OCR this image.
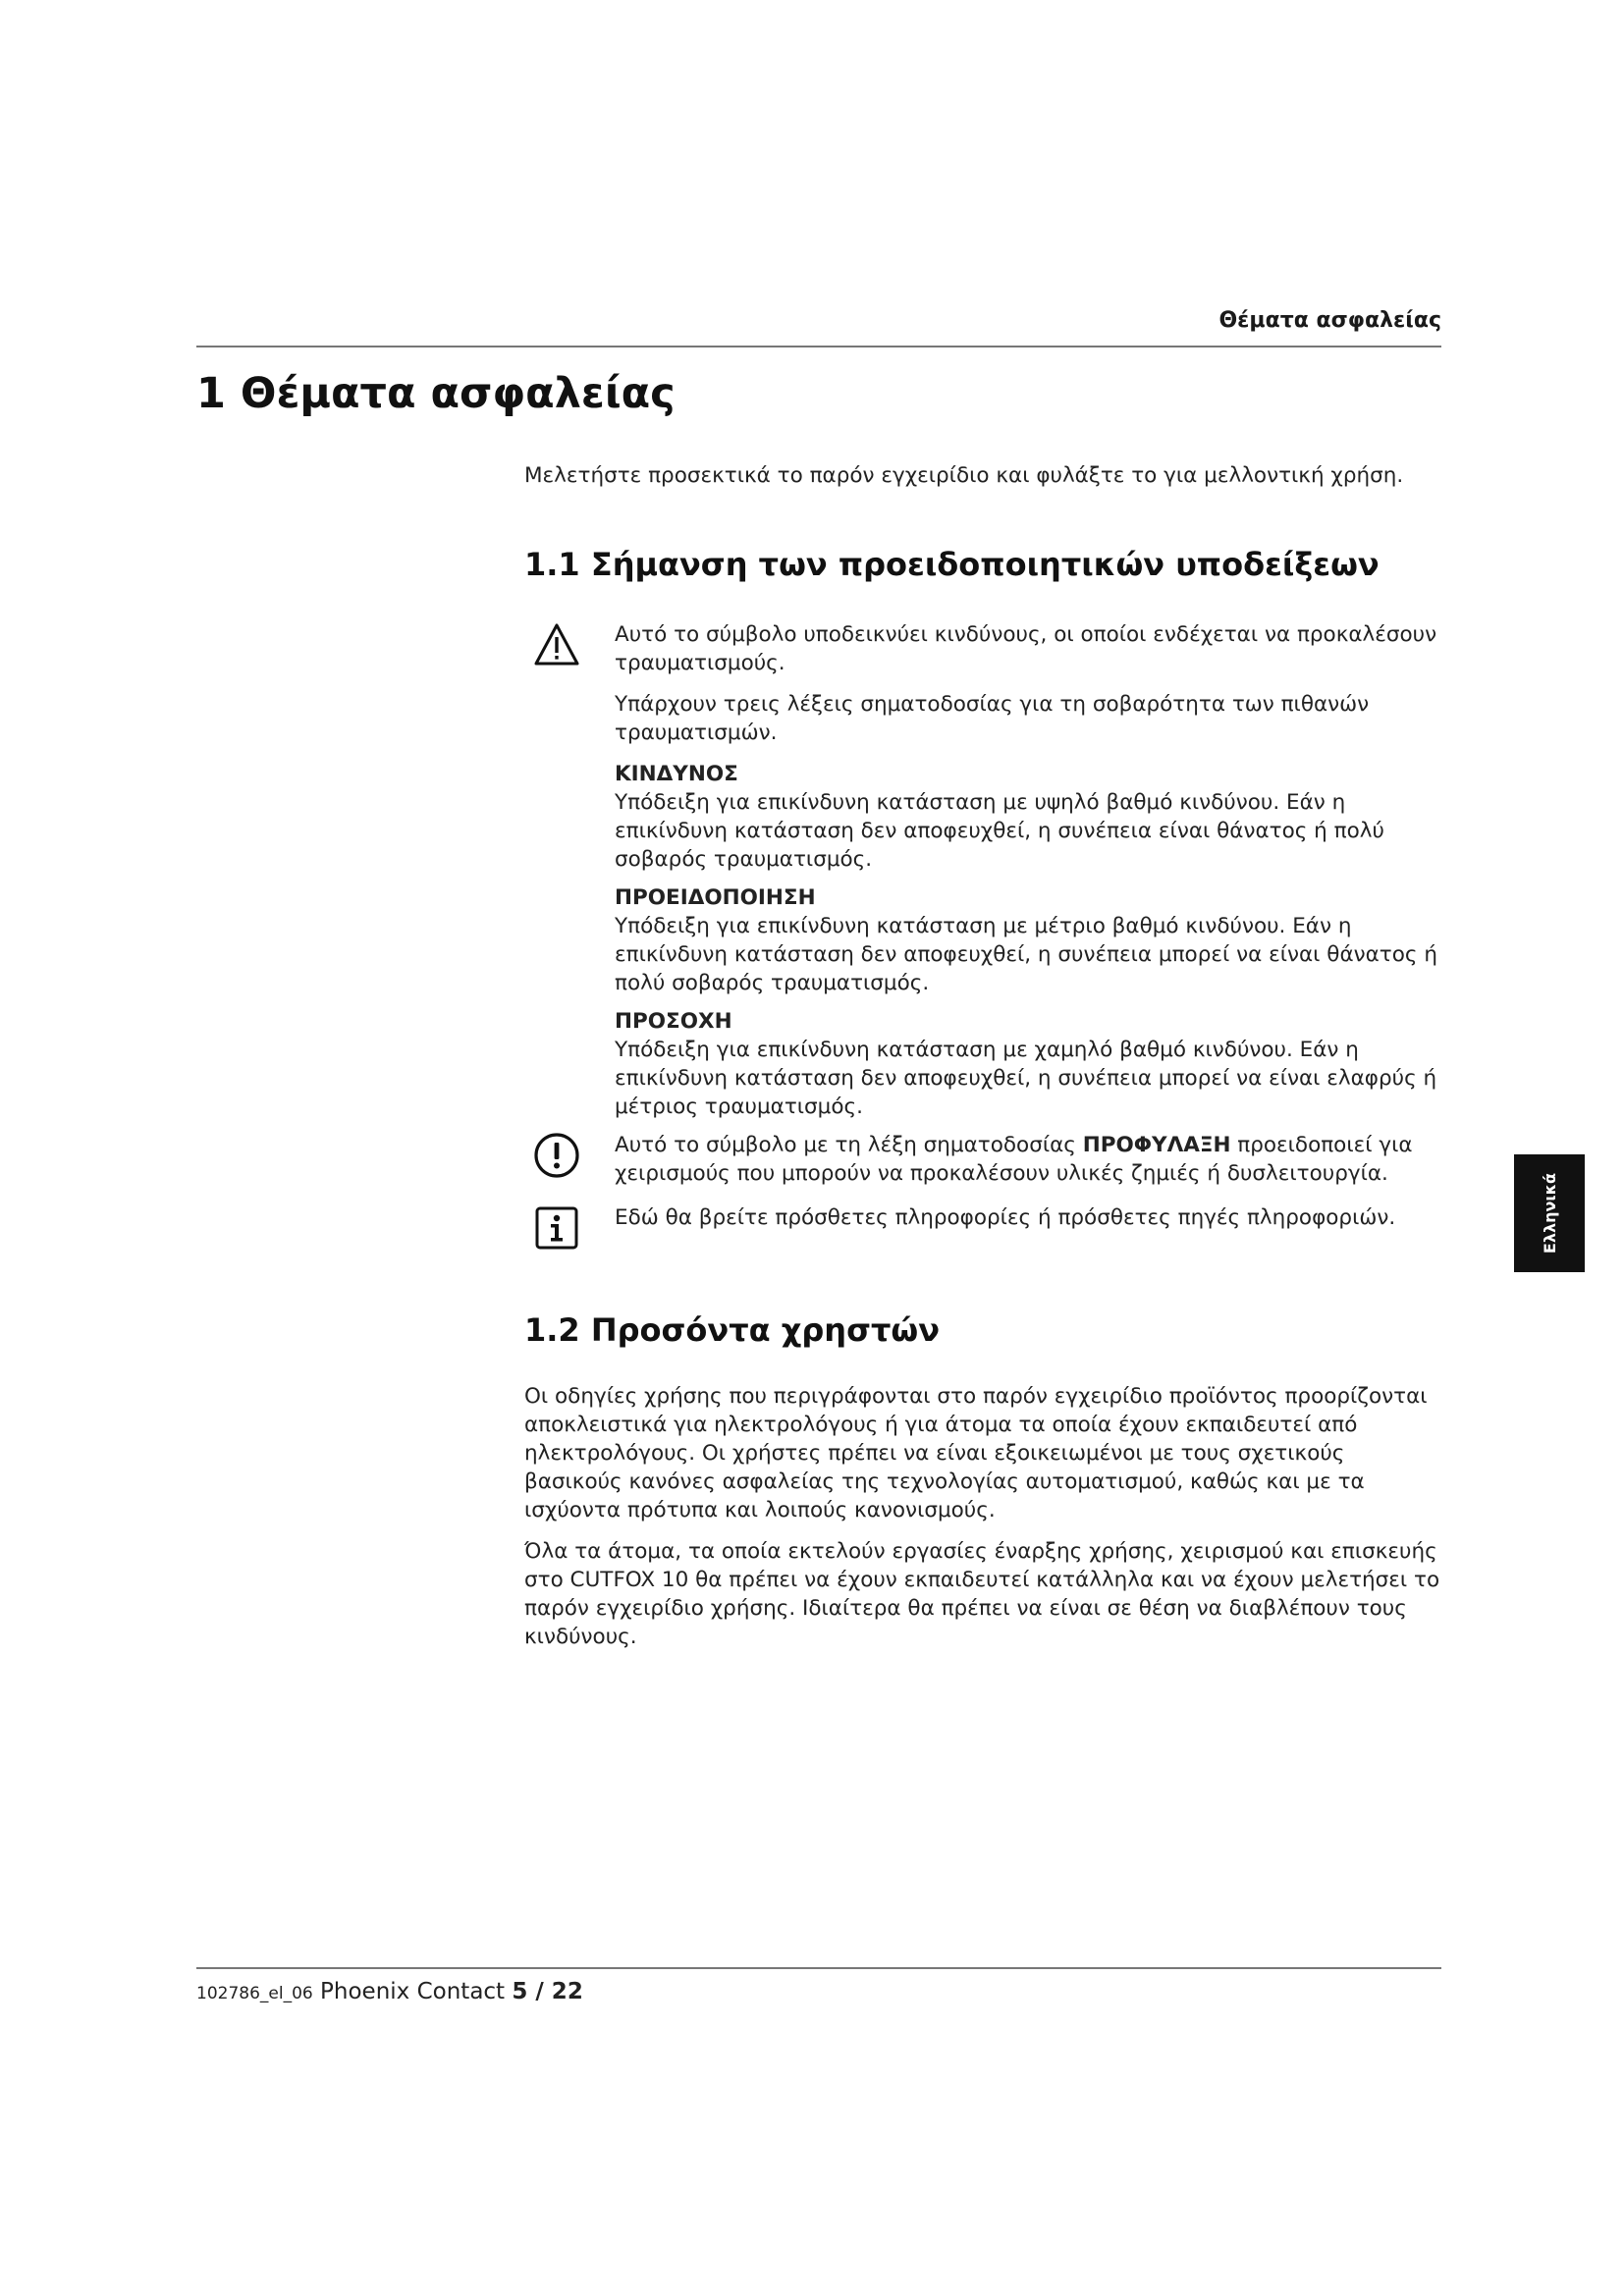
Θέματα ασφαλείας
1 Θέματα ασφαλείας

Μελετήστε προσεκτικά το παρόν εγχειρίδιο και φυλάξτε το για μελλοντική χρήση.

1.1 Σήμανση των προειδοποιητικών υποδείξεων

Αυτό το σύμβολο υποδεικνύει κινδύνους, οι οποίοι ενδέχεται να προκαλέσουν τραυματισμούς.

Υπάρχουν τρεις λέξεις σηματοδοσίας για τη σοβαρότητα των πιθανών τραυματισμών.

ΚΙΝΔΥΝΟΣ

Υπόδειξη για επικίνδυνη κατάσταση με υψηλό βαθμό κινδύνου. Εάν η επικίνδυνη κατάσταση δεν αποφευχθεί, η συνέπεια είναι θάνατος ή πολύ σοβαρός τραυματισμός.

ΠΡΟΕΙΔΟΠΟΙΗΣΗ

Υπόδειξη για επικίνδυνη κατάσταση με μέτριο βαθμό κινδύνου. Εάν η επικίνδυνη κατάσταση δεν αποφευχθεί, η συνέπεια μπορεί να είναι θάνατος ή πολύ σοβαρός τραυματισμός.

ΠΡΟΣΟΧΗ

Υπόδειξη για επικίνδυνη κατάσταση με χαμηλό βαθμό κινδύνου. Εάν η επικίνδυνη κατάσταση δεν αποφευχθεί, η συνέπεια μπορεί να είναι ελαφρύς ή μέτριος τραυματισμός.

Αυτό το σύμβολο με τη λέξη σηματοδοσίας ΠΡΟΦΥΛΑΞΗ προειδοποιεί για χειρισμούς που μπορούν να προκαλέσουν υλικές ζημιές ή δυσλειτουργία.

Εδώ θα βρείτε πρόσθετες πληροφορίες ή πρόσθετες πηγές πληροφοριών.

1.2 Προσόντα χρηστών

Οι οδηγίες χρήσης που περιγράφονται στο παρόν εγχειρίδιο προϊόντος προορίζονται αποκλειστικά για ηλεκτρολόγους ή για άτομα τα οποία έχουν εκπαιδευτεί από ηλεκτρολόγους. Οι χρήστες πρέπει να είναι εξοικειωμένοι με τους σχετικούς βασικούς κανόνες ασφαλείας της τεχνολογίας αυτοματισμού, καθώς και με τα ισχύοντα πρότυπα και λοιπούς κανονισμούς.

Όλα τα άτομα, τα οποία εκτελούν εργασίες έναρξης χρήσης, χειρισμού και επισκευής στο CUTFOX 10 θα πρέπει να έχουν εκπαιδευτεί κατάλληλα και να έχουν μελετήσει το παρόν εγχειρίδιο χρήσης. Ιδιαίτερα θα πρέπει να είναι σε θέση να διαβλέπουν τους κινδύνους.

Ελληνικά
102786_el_06 Phoenix Contact 5 / 22
